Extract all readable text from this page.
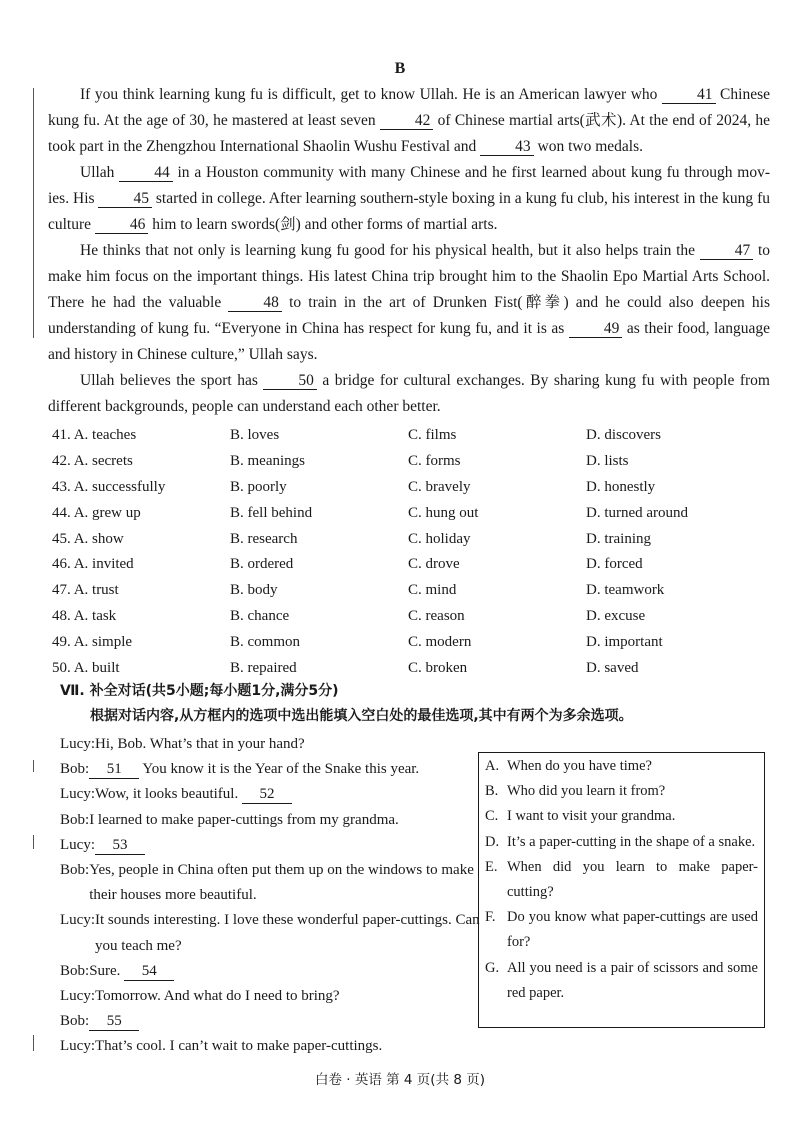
B

If you think learning kung fu is difficult, get to know Ullah. He is an American lawyer who 41 Chinese kung fu. At the age of 30, he mastered at least seven 42 of Chinese martial arts(武术). At the end of 2024, he took part in the Zhengzhou International Shaolin Wushu Festival and 43 won two medals.

Ullah 44 in a Houston community with many Chinese and he first learned about kung fu through movies. His 45 started in college. After learning southern-style boxing in a kung fu club, his interest in the kung fu culture 46 him to learn swords(剑) and other forms of martial arts.

He thinks that not only is learning kung fu good for his physical health, but it also helps train the 47 to make him focus on the important things. His latest China trip brought him to the Shaolin Epo Martial Arts School. There he had the valuable 48 to train in the art of Drunken Fist(醉拳) and he could also deepen his understanding of kung fu. “Everyone in China has respect for kung fu, and it is as 49 as their food, language and history in Chinese culture,” Ullah says.

Ullah believes the sport has 50 a bridge for cultural exchanges. By sharing kung fu with people from different backgrounds, people can understand each other better.

41. A. teaches	B. loves	C. films	D. discovers
42. A. secrets	B. meanings	C. forms	D. lists
43. A. successfully	B. poorly	C. bravely	D. honestly
44. A. grew up	B. fell behind	C. hung out	D. turned around
45. A. show	B. research	C. holiday	D. training
46. A. invited	B. ordered	C. drove	D. forced
47. A. trust	B. body	C. mind	D. teamwork
48. A. task	B. chance	C. reason	D. excuse
49. A. simple	B. common	C. modern	D. important
50. A. built	B. repaired	C. broken	D. saved
Ⅶ. 补全对话(共5小题;每小题1分,满分5分)
根据对话内容,从方框内的选项中选出能填入空白处的最佳选项,其中有两个为多余选项。
Lucy: Hi, Bob. What’s that in your hand?
Bob:	51 You know it is the Year of the Snake this year.
Lucy: Wow, it looks beautiful. 52
Bob: I learned to make paper-cuttings from my grandma.
Lucy:	53
Bob: Yes, people in China often put them up on the windows to make their houses more beautiful.
Lucy: It sounds interesting. I love these wonderful paper-cuttings. Can you teach me?
Bob: Sure. 54
Lucy: Tomorrow. And what do I need to bring?
Bob:	55
Lucy: That’s cool. I can’t wait to make paper-cuttings.
A. When do you have time?
B. Who did you learn it from?
C. I want to visit your grandma.
D. It’s a paper-cutting in the shape of a snake.
E. When did you learn to make paper-cutting?
F. Do you know what paper-cuttings are used for?
G. All you need is a pair of scissors and some red paper.
白卷 · 英语 第 4 页(共 8 页)
